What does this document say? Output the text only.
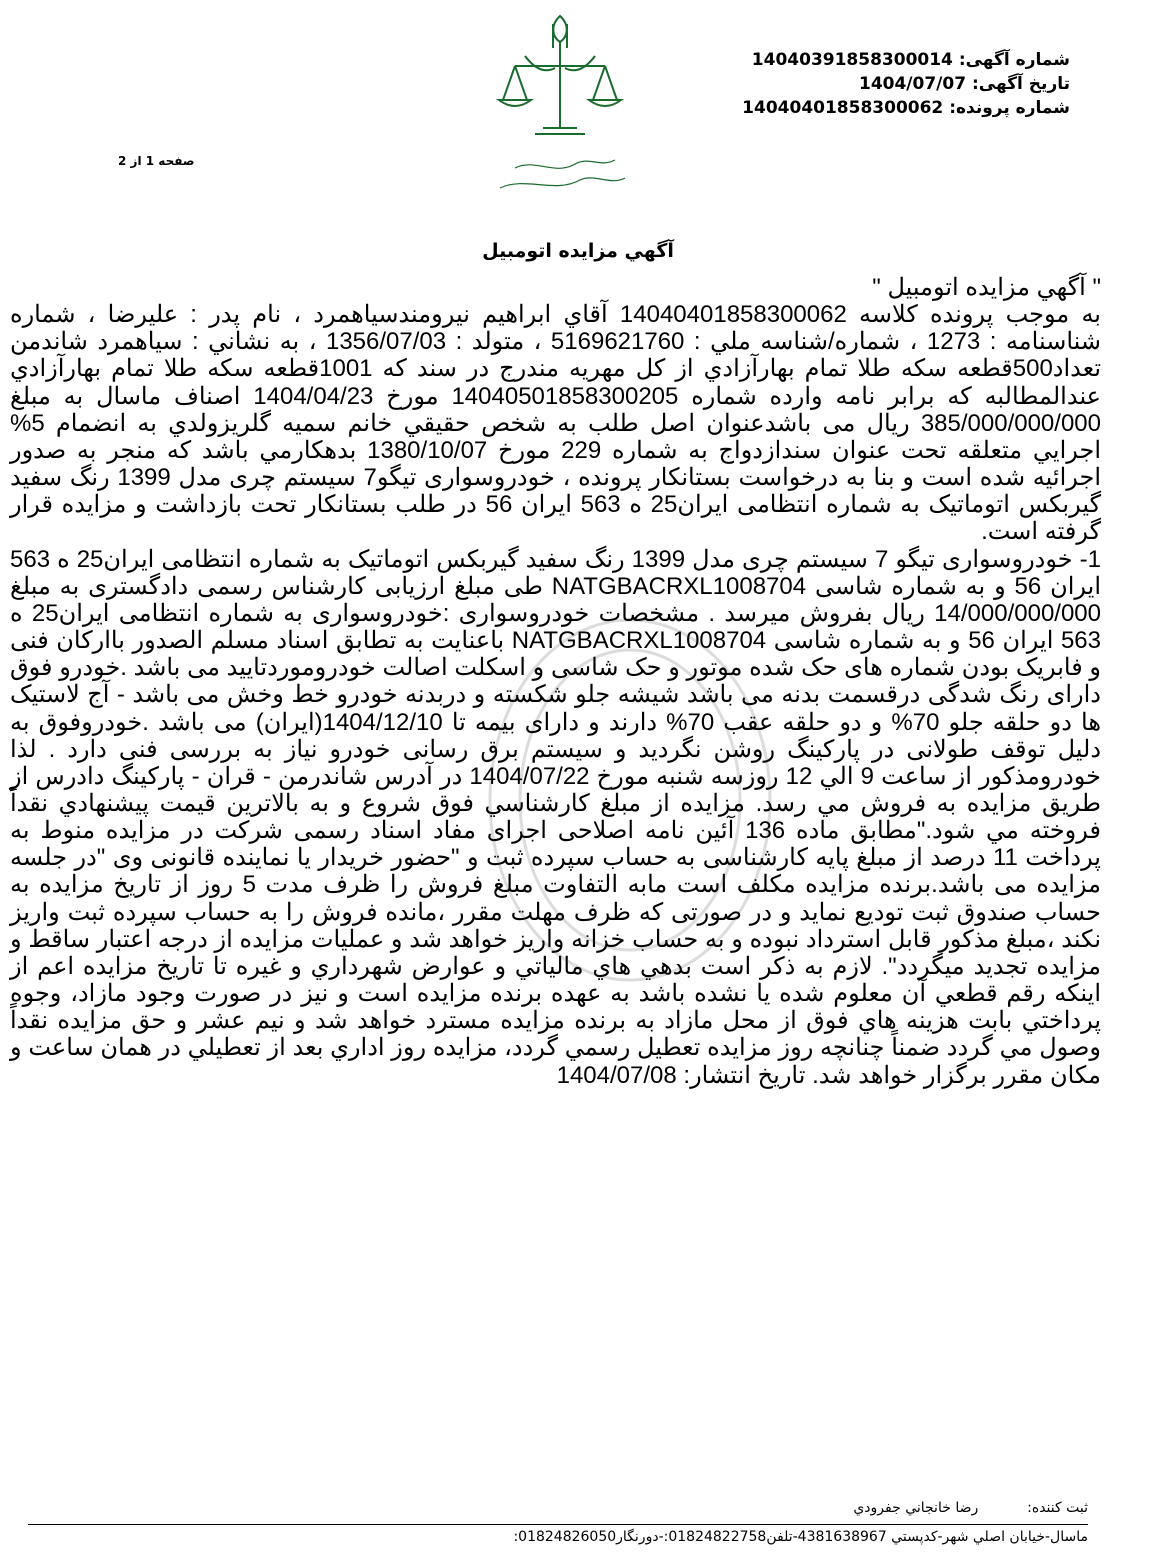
شماره آگهی: 14040391858300014
تاریخ آگهی: 1404/07/07
شماره پرونده: 14040401858300062
صفحه 1 از 2
آگهي مزايده اتومبيل

" آگهي مزايده اتومبيل "

به موجب پرونده کلاسه 14040401858300062 آقاي ابراهيم نيرومندسياهمرد ، نام پدر : عليرضا ، شماره شناسنامه : 1273 ، شماره/شناسه ملي : 5169621760 ، متولد : 1356/07/03 ، به نشاني : سياهمرد شاندمن تعداد500قطعه سکه طلا تمام بهارآزادي از کل مهريه مندرج در سند که 1001قطعه سکه طلا تمام بهارآزادي عندالمطالبه که برابر نامه وارده شماره 14040501858300205 مورخ 1404/04/23 اصناف ماسال به مبلغ 385/000/000/000 ريال می باشدعنوان اصل طلب به شخص حقيقي خانم سميه گلريزولدي به انضمام 5% اجرايي متعلقه تحت عنوان سندازدواج به شماره 229 مورخ 1380/10/07 بدهکارمي باشد که منجر به صدور اجرائيه شده است و بنا به درخواست بستانکار پرونده ، خودروسواری تيگو7 سيستم چری مدل 1399 رنگ سفيد گيربکس اتوماتيک به شماره انتظامی ايران25 ه 563 ايران 56 در طلب بستانکار تحت بازداشت و مزايده قرار گرفته است.

1- خودروسواری تيگو 7 سيستم چری مدل 1399 رنگ سفيد گيربکس اتوماتيک به شماره انتظامی ايران25 ه 563 ايران 56 و به شماره شاسی NATGBACRXL1008704 طی مبلغ ارزيابی کارشناس رسمی دادگستری به مبلغ 14/000/000/000 ريال بفروش ميرسد . مشخصات خودروسواری :خودروسواری به شماره انتظامی ايران25 ه 563 ايران 56 و به شماره شاسی NATGBACRXL1008704 باعنايت به تطابق اسناد مسلم الصدور باارکان فنی و فابريک بودن شماره های حک شده موتور و حک شاسی و اسکلت اصالت خودروموردتاييد می باشد .خودرو فوق دارای رنگ شدگی درقسمت بدنه می باشد شيشه جلو شکسته و دربدنه خودرو خط وخش می باشد - آج لاستيک ها دو حلقه جلو 70% و دو حلقه عقب 70% دارند و دارای بيمه تا 1404/12/10(ايران) می باشد .خودروفوق به دليل توقف طولانی در پارکينگ روشن نگرديد و سيستم برق رسانی خودرو نياز به بررسی فنی دارد . لذا خودرومذکور از ساعت 9 الي 12 روزسه شنبه مورخ 1404/07/22 در آدرس شاندرمن - قران - پارکينگ دادرس از طريق مزايده به فروش مي رسد. مزايده از مبلغ کارشناسي فوق شروع و به بالاترين قيمت پيشنهادي نقداً فروخته مي شود."مطابق ماده 136 آئين نامه اصلاحی اجرای مفاد اسناد رسمی شرکت در مزايده منوط به پرداخت 11 درصد از مبلغ پايه کارشناسی به حساب سپرده ثبت و "حضور خريدار يا نماينده قانونی وی "در جلسه مزايده می باشد.برنده مزايده مکلف است مابه التفاوت مبلغ فروش را ظرف مدت 5 روز از تاريخ مزايده به حساب صندوق ثبت توديع نمايد و در صورتی که ظرف مهلت مقرر ،مانده فروش را به حساب سپرده ثبت واريز نکند ،مبلغ مذکور قابل استرداد نبوده و به حساب خزانه واريز خواهد شد و عمليات مزايده از درجه اعتبار ساقط و مزايده تجديد ميگردد". لازم به ذکر است بدهي هاي مالياتي و عوارض شهرداري و غيره تا تاريخ مزايده اعم از اينکه رقم قطعي آن معلوم شده يا نشده باشد به عهده برنده مزايده است و نيز در صورت وجود مازاد، وجوه پرداختي بابت هزينه هاي فوق از محل مازاد به برنده مزايده مسترد خواهد شد و نيم عشر و حق مزايده نقداً وصول مي گردد ضمناً چنانچه روز مزايده تعطيل رسمي گردد، مزايده روز اداري بعد از تعطيلي در همان ساعت و مکان مقرر برگزار خواهد شد. تاريخ انتشار: 1404/07/08

ثبت کننده:  رضا خانجاني جفرودي
ماسال-خيابان اصلي شهر-کدپستي 4381638967-تلفن01824822758:-دورنگار01824826050:
